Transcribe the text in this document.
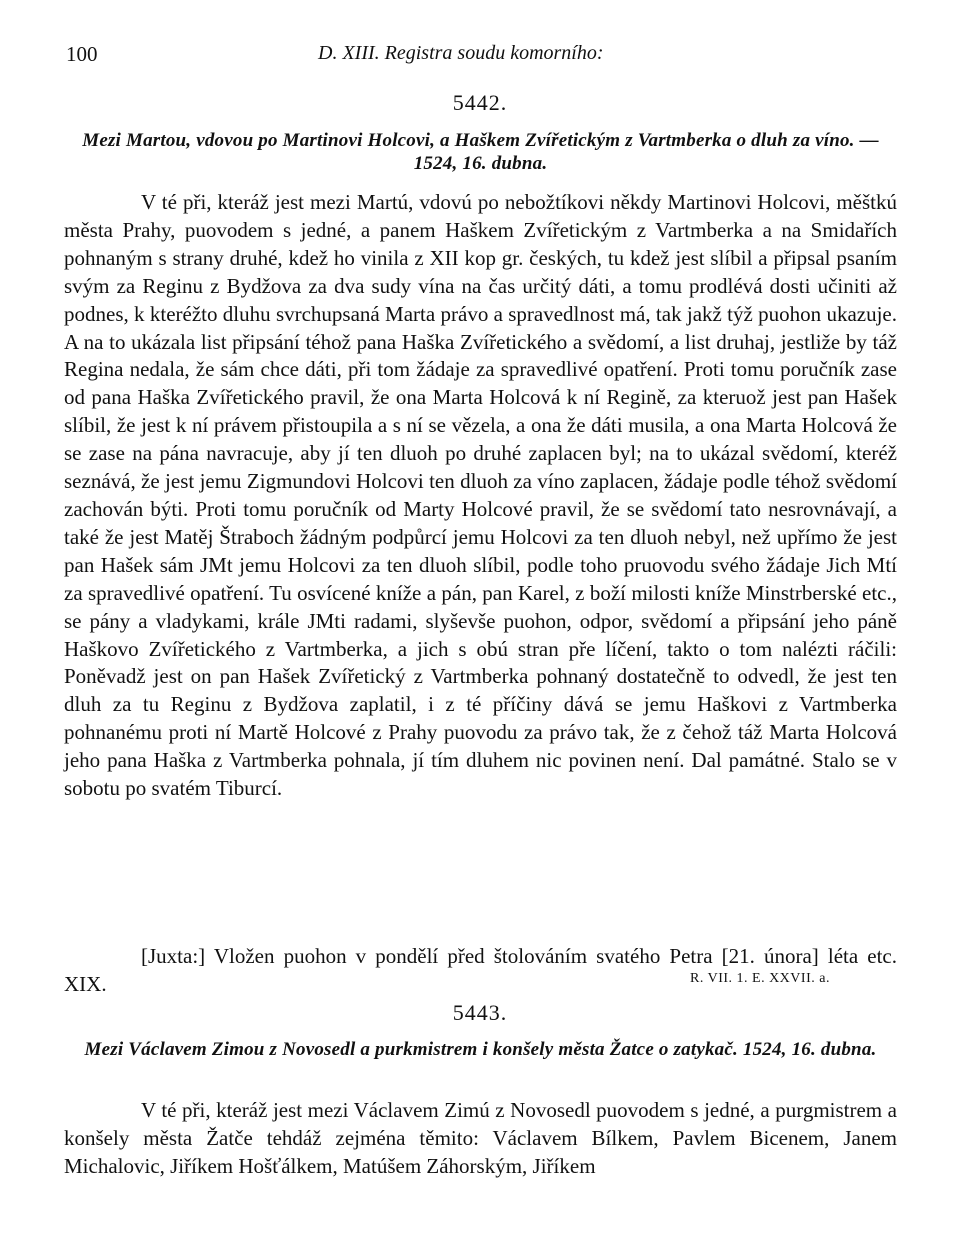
100	D. XIII. Registra soudu komorního:
5442.
Mezi Martou, vdovou po Martinovi Holcovi, a Haškem Zvířetickým z Vartmberka o dluh za víno. — 1524, 16. dubna.

V té při, kteráž jest mezi Martú, vdovú po nebožtíkovi někdy Martinovi Holcovi, měštkú města Prahy, puovodem s jedné, a panem Haškem Zvířetickým z Vartmberka a na Smidařích pohnaným s strany druhé, kdež ho vinila z XII kop gr. českých, tu kdež jest slíbil a připsal psaním svým za Reginu z Bydžova za dva sudy vína na čas určitý dáti, a tomu prodlévá dosti učiniti až podnes, k kteréžto dluhu svrchupsaná Marta právo a spravedlnost má, tak jakž týž puohon ukazuje. A na to ukázala list připsání téhož pana Haška Zvířetického a svědomí, a list druhaj, jestliže by táž Regina nedala, že sám chce dáti, při tom žádaje za spravedlivé opatření. Proti tomu poručník zase od pana Haška Zvířetického pravil, že ona Marta Holcová k ní Regině, za kteruož jest pan Hašek slíbil, že jest k ní právem přistoupila a s ní se vězela, a ona že dáti musila, a ona Marta Holcová že se zase na pána navracuje, aby jí ten dluoh po druhé zaplacen byl; na to ukázal svědomí, kteréž seznává, že jest jemu Zigmundovi Holcovi ten dluoh za víno zaplacen, žádaje podle téhož svědomí zachován býti. Proti tomu poručník od Marty Holcové pravil, že se svědomí tato nesrovnávají, a také že jest Matěj Štraboch žádným podpůrcí jemu Holcovi za ten dluoh nebyl, než upřímo že jest pan Hašek sám JMt jemu Holcovi za ten dluoh slíbil, podle toho pruovodu svého žádaje Jich Mtí za spravedlivé opatření. Tu osvícené kníže a pán, pan Karel, z boží milosti kníže Minstrberské etc., se pány a vladykami, krále JMti radami, slyševše puohon, odpor, svědomí a připsání jeho páně Haškovo Zvířetického z Vartmberka, a jich s obú stran pře líčení, takto o tom nalézti ráčili: Poněvadž jest on pan Hašek Zvířetický z Vartmberka pohnaný dostatečně to odvedl, že jest ten dluh za tu Reginu z Bydžova zaplatil, i z té příčiny dává se jemu Haškovi z Vartmberka pohnanému proti ní Martě Holcové z Prahy puovodu za právo tak, že z čehož táž Marta Holcová jeho pana Haška z Vartmberka pohnala, jí tím dluhem nic povinen není. Dal památné. Stalo se v sobotu po svatém Tiburcí.

[Juxta:] Vložen puohon v pondělí před štolováním svatého Petra [21. února] léta etc. XIX.	R. VII. 1. E. XXVII. a.
5443.
Mezi Václavem Zimou z Novosedl a purkmistrem i konšely města Žatce o zatykač. 1524, 16. dubna.

V té při, kteráž jest mezi Václavem Zimú z Novosedl puovodem s jedné, a purgmistrem a konšely města Žatče tehdáž zejména těmito: Václavem Bílkem, Pavlem Bicenem, Janem Michalovic, Jiříkem Hošťálkem, Matúšem Záhorským, Jiříkem
